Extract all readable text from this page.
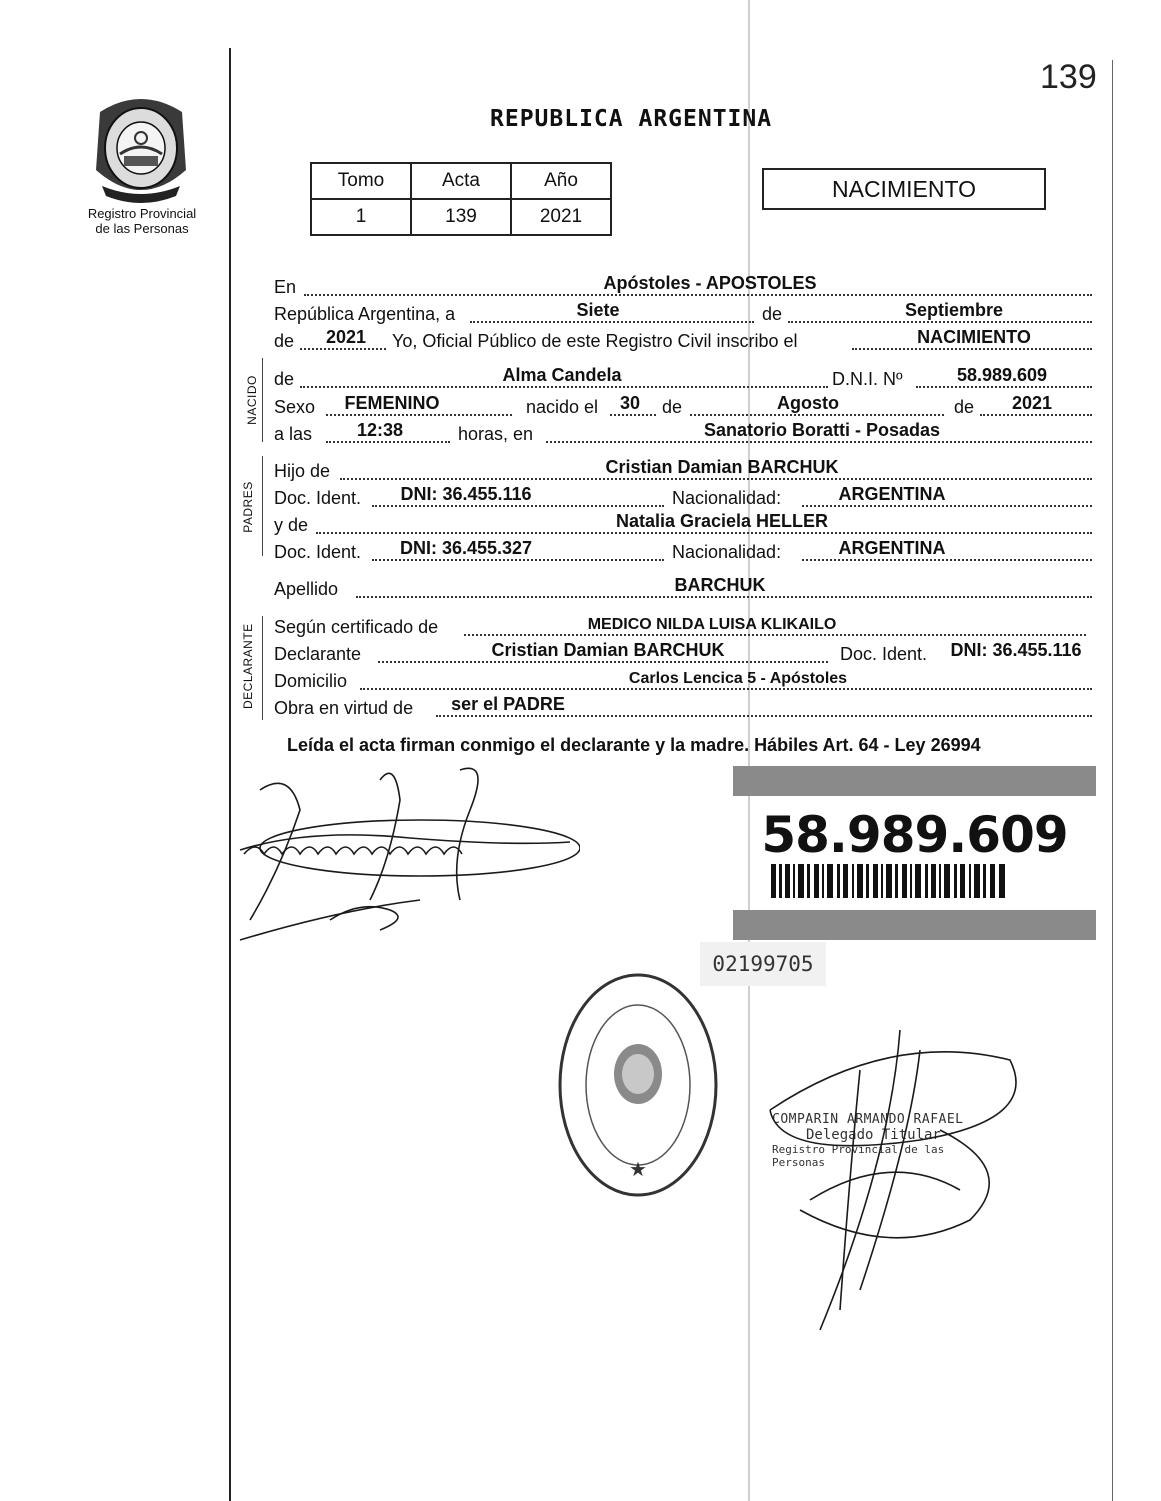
139
Registro Provincial
de las Personas
REPUBLICA ARGENTINA
Tomo	Acta	Año
1	139	2021
NACIMIENTO
En	Apóstoles - APOSTOLES
República Argentina, a	Siete	de	Septiembre
de 2021 Yo, Oficial Público de este Registro Civil inscribo el	NACIMIENTO
NACIDO de	Alma Candela	D.N.I. Nº	58.989.609
Sexo FEMENINO	nacido el 30 de	Agosto	de 2021
a las 12:38	horas, en	Sanatorio Boratti - Posadas
PADRES
Hijo de	Cristian Damian BARCHUK
Doc. Ident. DNI: 36.455.116	Nacionalidad:	ARGENTINA
y de	Natalia Graciela HELLER
Doc. Ident. DNI: 36.455.327	Nacionalidad:	ARGENTINA
Apellido	BARCHUK
DECLARANTE Según certificado de	MEDICO NILDA LUISA KLIKAILO
Declarante	Cristian Damian BARCHUK	Doc. Ident. DNI: 36.455.116
Domicilio	Carlos Lencica 5 - Apóstoles
Obra en virtud de ser el PADRE
Leída el acta firman conmigo el declarante y la madre. Hábiles Art. 64 - Ley 26994
58.989.609
02199705
★
COMPARIN ARMANDO RAFAEL
Delegado Titular
Registro Provincial de las Personas
